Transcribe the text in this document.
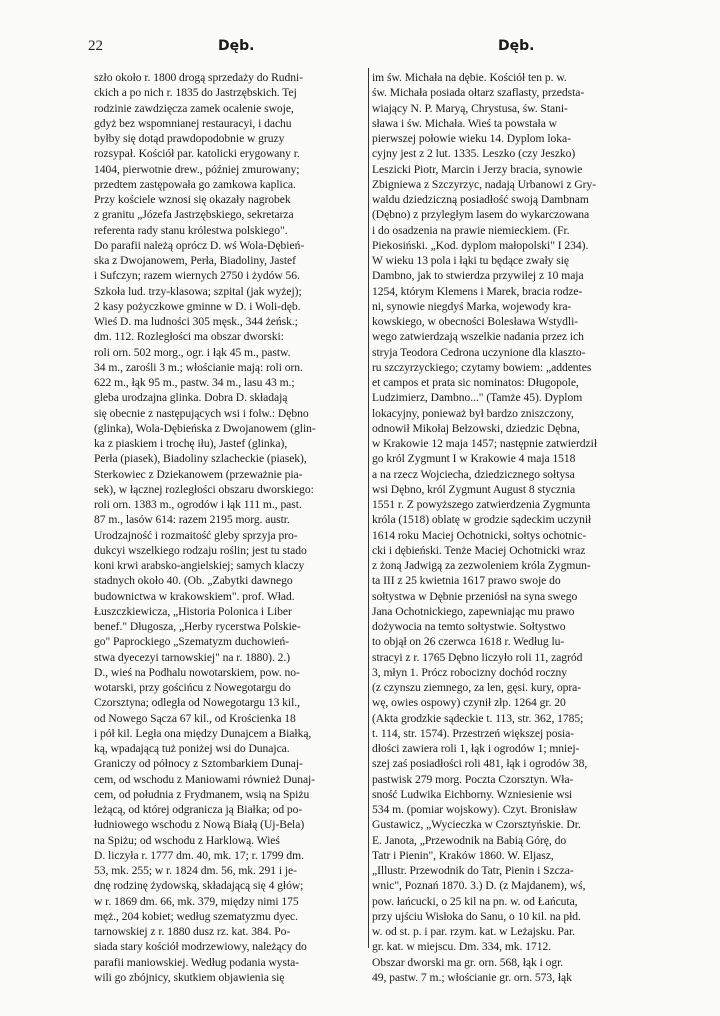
22	Dęb.	Dęb.
szło około r. 1800 drogą sprzedaży do Rudni-
ckich a po nich r. 1835 do Jastrzębskich. Tej
rodzinie zawdzięcza zamek ocalenie swoje,
gdyż bez wspomnianej restauracyi, i dachu
byłby się dotąd prawdopodobnie w gruzy
rozsypał. Kościół par. katolicki erygowany r.
1404, pierwotnie drew., później zmurowany;
przedtem zastępowała go zamkowa kaplica.
Przy kościele wznosi się okazały nagrobek
z granitu „Józefa Jastrzębskiego, sekretarza
referenta rady stanu królestwa polskiego".
Do parafii należą oprócz D. wś Wola-Dębień-
ska z Dwojanowem, Perła, Biadoliny, Jastef
i Sufczyn; razem wiernych 2750 i żydów 56.
Szkoła lud. trzy-klasowa; szpital (jak wyżej);
2 kasy pożyczkowe gminne w D. i Woli-dęb.
Wieś D. ma ludności 305 męsk., 344 żeńsk.;
dm. 112. Rozległości ma obszar dworski:
roli orn. 502 morg., ogr. i łąk 45 m., pastw.
34 m., zarośli 3 m.; włościanie mają: roli orn.
622 m., łąk 95 m., pastw. 34 m., lasu 43 m.;
gleba urodzajna glinka. Dobra D. składają
się obecnie z następujących wsi i folw.: Dębno
(glinka), Wola-Dębieńska z Dwojanowem (glin-
ka z piaskiem i trochę iłu), Jastef (glinka),
Perła (piasek), Biadoliny szlacheckie (piasek),
Sterkowiec z Dziekanowem (przeważnie pia-
sek), w łącznej rozległości obszaru dworskiego:
roli orn. 1383 m., ogrodów i łąk 111 m., past.
87 m., lasów 614: razem 2195 morg. austr.
Urodzajność i rozmaitość gleby sprzyja pro-
dukcyi wszelkiego rodzaju roślin; jest tu stado
koni krwi arabsko-angielskiej; samych klaczy
stadnych około 40. (Ob. „Zabytki dawnego
budownictwa w krakowskiem". prof. Wład.
Łuszczkiewicza, „Historia Polonica i Liber
benef." Długosza, „Herby rycerstwa Polskie-
go" Paprockiego „Szematyzm duchowień-
stwa dyecezyi tarnowskiej" na r. 1880). 2.)
D., wieś na Podhalu nowotarskiem, pow. no-
wotarski, przy gościńcu z Nowegotargu do
Czorsztyna; odległa od Nowegotargu 13 kil.,
od Nowego Sącza 67 kil., od Krościenka 18
i pół kil. Legła ona między Dunajcem a Białką,
ką, wpadającą tuż poniżej wsi do Dunajca.
Graniczy od północy z Sztombarkiem Dunaj-
cem, od wschodu z Maniowami również Dunaj-
cem, od południa z Frydmanem, wsią na Spiżu
leżącą, od której odgranicza ją Białka; od po-
łudniowego wschodu z Nową Białą (Uj-Bela)
na Spiżu; od wschodu z Harklową. Wieś
D. liczyła r. 1777 dm. 40, mk. 17; r. 1799 dm.
53, mk. 255; w r. 1824 dm. 56, mk. 291 i je-
dnę rodzinę żydowską, składającą się 4 głów;
w r. 1869 dm. 66, mk. 379, między nimi 175
męż., 204 kobiet; według szematyzmu dyec.
tarnowskiej z r. 1880 dusz rz. kat. 384. Po-
siada stary kościół modrzewiowy, należący do
parafii maniowskiej. Według podania wysta-
wili go zbójnicy, skutkiem objawienia się
im św. Michała na dębie. Kościół ten p. w.
św. Michała posiada ołtarz szaflasty, przedsta-
wiający N. P. Maryą, Chrystusa, św. Stani-
sława i św. Michała. Wieś ta powstała w
pierwszej połowie wieku 14. Dyplom loka-
cyjny jest z 2 lut. 1335. Leszko (czy Jeszko)
Leszicki Piotr, Marcin i Jerzy bracia, synowie
Zbigniewa z Szczyrzyc, nadają Urbanowi z Gry-
waldu dziedziczną posiadłość swoją Dambnam
(Dębno) z przyległym lasem do wykarczowana
i do osadzenia na prawie niemieckiem. (Fr.
Piekosiński. „Kod. dyplom małopolski" I 234).
W wieku 13 pola i łąki tu będące zwały się
Dambno, jak to stwierdza przywilej z 10 maja
1254, którym Klemens i Marek, bracia rodze-
ni, synowie niegdyś Marka, wojewody kra-
kowskiego, w obecności Bolesława Wstydli-
wego zatwierdzają wszelkie nadania przez ich
stryja Teodora Cedrona uczynione dla klaszto-
ru szczyrzyckiego; czytamy bowiem: „addentes
et campos et prata sic nominatos: Długopole,
Ludzimierz, Dambno..." (Tamże 45). Dyplom
lokacyjny, ponieważ był bardzo zniszczony,
odnowił Mikołaj Bełzowski, dziedzic Dębna,
w Krakowie 12 maja 1457; następnie zatwierdził
go król Zygmunt I w Krakowie 4 maja 1518
a na rzecz Wojciecha, dziedzicznego sołtysa
wsi Dębno, król Zygmunt August 8 stycznia
1551 r. Z powyższego zatwierdzenia Zygmunta
króla (1518) oblatę w grodzie sądeckim uczynił
1614 roku Maciej Ochotnicki, sołtys ochotnic-
cki i dębieński. Tenże Maciej Ochotnicki wraz
z żoną Jadwigą za zezwoleniem króla Zygmun-
ta III z 25 kwietnia 1617 prawo swoje do
sołtystwa w Dębnie przeniósł na syna swego
Jana Ochotnickiego, zapewniając mu prawo
dożywocia na temto sołtystwie. Sołtystwo
to objął on 26 czerwca 1618 r. Według lu-
stracyi z r. 1765 Dębno liczyło roli 11, zagród
3, młyn 1. Prócz robocizny dochód roczny
(z czynszu ziemnego, za len, gęsi. kury, opra-
wę, owies ospowy) czynił złp. 1264 gr. 20
(Akta grodzkie sądeckie t. 113, str. 362, 1785;
t. 114, str. 1574). Przestrzeń większej posia-
dłości zawiera roli 1, łąk i ogrodów 1; mniej-
szej zaś posiadłości roli 481, łąk i ogrodów 38,
pastwisk 279 morg. Poczta Czorsztyn. Wła-
sność Ludwika Eichborny. Wzniesienie wsi
534 m. (pomiar wojskowy). Czyt. Bronisław
Gustawicz, „Wycieczka w Czorsztyńskie. Dr.
E. Janota, „Przewodnik na Babią Górę, do
Tatr i Pienin", Kraków 1860. W. Eljasz,
„Illustr. Przewodnik do Tatr, Pienin i Szcza-
wnic", Poznań 1870. 3.) D. (z Majdanem), wś,
pow. łańcucki, o 25 kil na pn. w. od Łańcuta,
przy ujściu Wisłoka do Sanu, o 10 kil. na płd.
w. od st. p. i par. rzym. kat. w Leżajsku. Par.
gr. kat. w miejscu. Dm. 334, mk. 1712.
Obszar dworski ma gr. orn. 568, łąk i ogr.
49, pastw. 7 m.; włościanie gr. orn. 573, łąk
